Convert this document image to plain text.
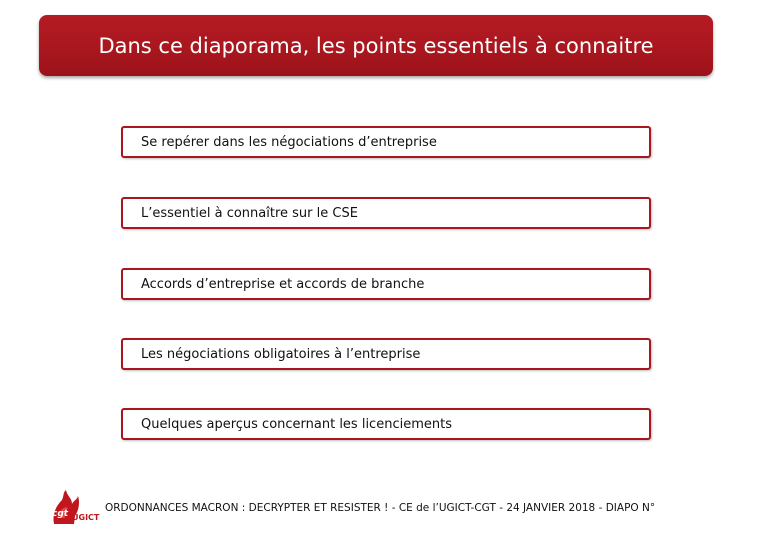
Dans ce diaporama, les points essentiels à connaitre
Se repérer dans les négociations d’entreprise
L’essentiel à connaître sur le CSE
Accords d’entreprise et accords de branche
Les négociations obligatoires à l’entreprise
Quelques aperçus concernant les licenciements
cgt UGICT
ORDONNANCES MACRON : DECRYPTER ET RESISTER ! - CE de l’UGICT-CGT - 24 JANVIER 2018 - DIAPO N°
